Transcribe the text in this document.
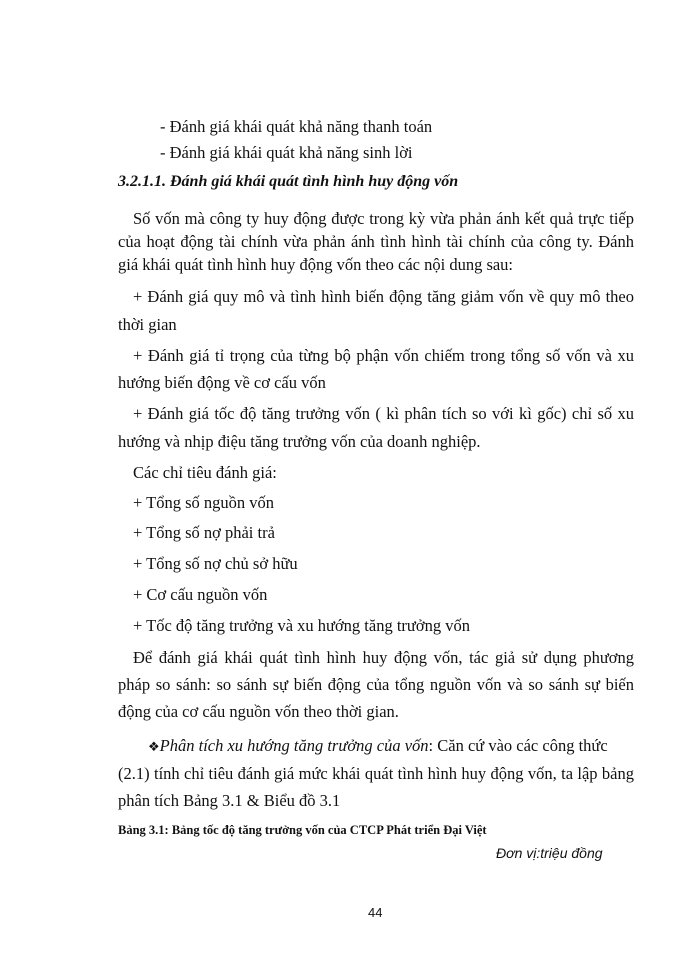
- Đánh giá khái quát khả năng thanh toán
- Đánh giá khái quát khả năng sinh lời
3.2.1.1. Đánh giá khái quát tình hình huy động vốn
Số vốn mà công ty huy động được trong kỳ vừa phản ánh kết quả trực tiếp
của hoạt động tài chính vừa phản ánh tình hình tài chính của công ty. Đánh
giá khái quát tình hình huy động vốn theo các nội dung sau:
+ Đánh giá quy mô và tình hình biến động tăng giảm vốn về quy mô theo
thời gian
+ Đánh giá tỉ trọng của từng bộ phận vốn chiếm trong tổng số vốn và xu
hướng biến động về cơ cấu vốn
+ Đánh giá tốc độ tăng trưởng vốn ( kì phân tích so với kì gốc) chỉ số xu
hướng và nhịp điệu tăng trưởng vốn của doanh nghiệp.
Các chỉ tiêu đánh giá:
+ Tổng số nguồn vốn
+ Tổng số nợ phải trả
+ Tổng số nợ chủ sở hữu
+ Cơ cấu nguồn vốn
+ Tốc độ tăng trưởng và xu hướng tăng trưởng vốn
Để đánh giá khái quát tình hình huy động vốn, tác giả sử dụng phương
pháp so sánh: so sánh sự biến động của tổng nguồn vốn và so sánh sự biến
động của cơ cấu nguồn vốn theo thời gian.
❖Phân tích xu hướng tăng trưởng của vốn: Căn cứ vào các công thức
(2.1) tính chỉ tiêu đánh giá mức khái quát tình hình huy động vốn, ta lập bảng
phân tích Bảng 3.1 & Biểu đồ 3.1
Bảng 3.1: Bảng tốc độ tăng trưởng vốn của CTCP Phát triển Đại Việt
Đơn vị:triệu đồng
44
